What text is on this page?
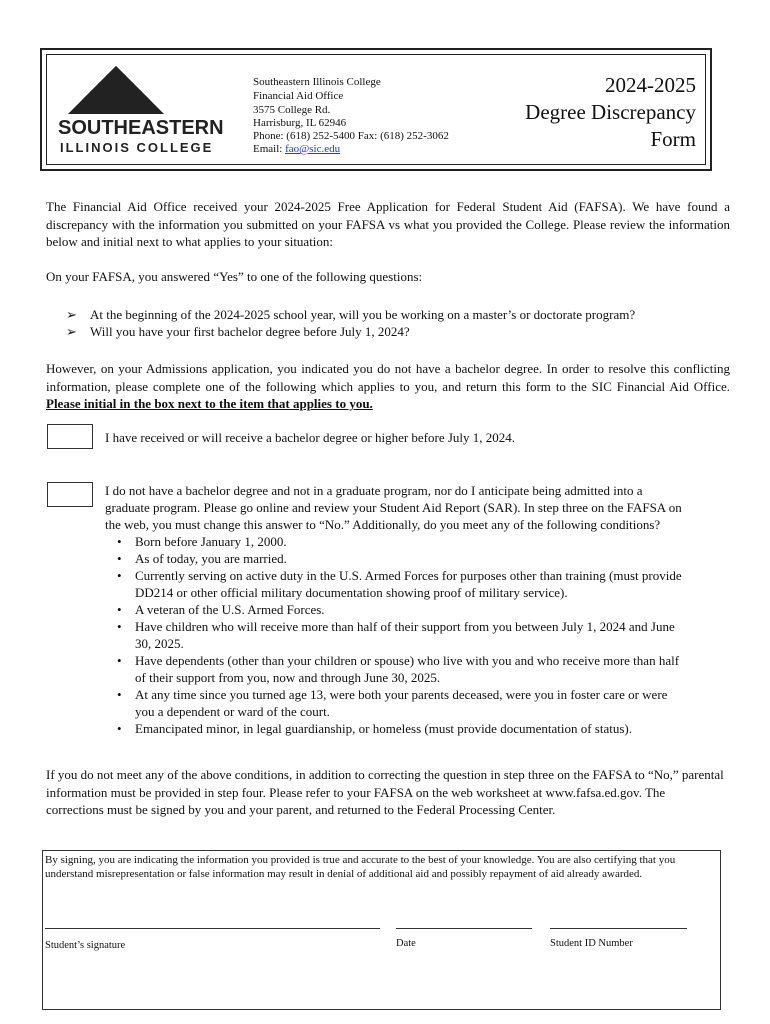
SOUTHEASTERN
ILLINOIS COLLEGE
Southeastern Illinois College
Financial Aid Office
3575 College Rd.
Harrisburg, IL 62946
Phone: (618) 252-5400 Fax: (618) 252-3062
Email: fao@sic.edu
2024-2025
Degree Discrepancy
Form
The Financial Aid Office received your 2024-2025 Free Application for Federal Student Aid (FAFSA). We have found a discrepancy with the information you submitted on your FAFSA vs what you provided the College. Please review the information below and initial next to what applies to your situation:
On your FAFSA, you answered “Yes” to one of the following questions:
➢ At the beginning of the 2024-2025 school year, will you be working on a master’s or doctorate program?
➢ Will you have your first bachelor degree before July 1, 2024?
However, on your Admissions application, you indicated you do not have a bachelor degree. In order to resolve this conflicting information, please complete one of the following which applies to you, and return this form to the SIC Financial Aid Office. Please initial in the box next to the item that applies to you.
I have received or will receive a bachelor degree or higher before July 1, 2024.
I do not have a bachelor degree and not in a graduate program, nor do I anticipate being admitted into a graduate program. Please go online and review your Student Aid Report (SAR). In step three on the FAFSA on the web, you must change this answer to “No.” Additionally, do you meet any of the following conditions?
• Born before January 1, 2000.
• As of today, you are married.
• Currently serving on active duty in the U.S. Armed Forces for purposes other than training (must provide DD214 or other official military documentation showing proof of military service).
• A veteran of the U.S. Armed Forces.
• Have children who will receive more than half of their support from you between July 1, 2024 and June 30, 2025.
• Have dependents (other than your children or spouse) who live with you and who receive more than half of their support from you, now and through June 30, 2025.
• At any time since you turned age 13, were both your parents deceased, were you in foster care or were you a dependent or ward of the court.
• Emancipated minor, in legal guardianship, or homeless (must provide documentation of status).
If you do not meet any of the above conditions, in addition to correcting the question in step three on the FAFSA to “No,” parental information must be provided in step four. Please refer to your FAFSA on the web worksheet at www.fafsa.ed.gov. The corrections must be signed by you and your parent, and returned to the Federal Processing Center.
By signing, you are indicating the information you provided is true and accurate to the best of your knowledge. You are also certifying that you understand misrepresentation or false information may result in denial of additional aid and possibly repayment of aid already awarded.
Student’s signature	Date	Student ID Number
